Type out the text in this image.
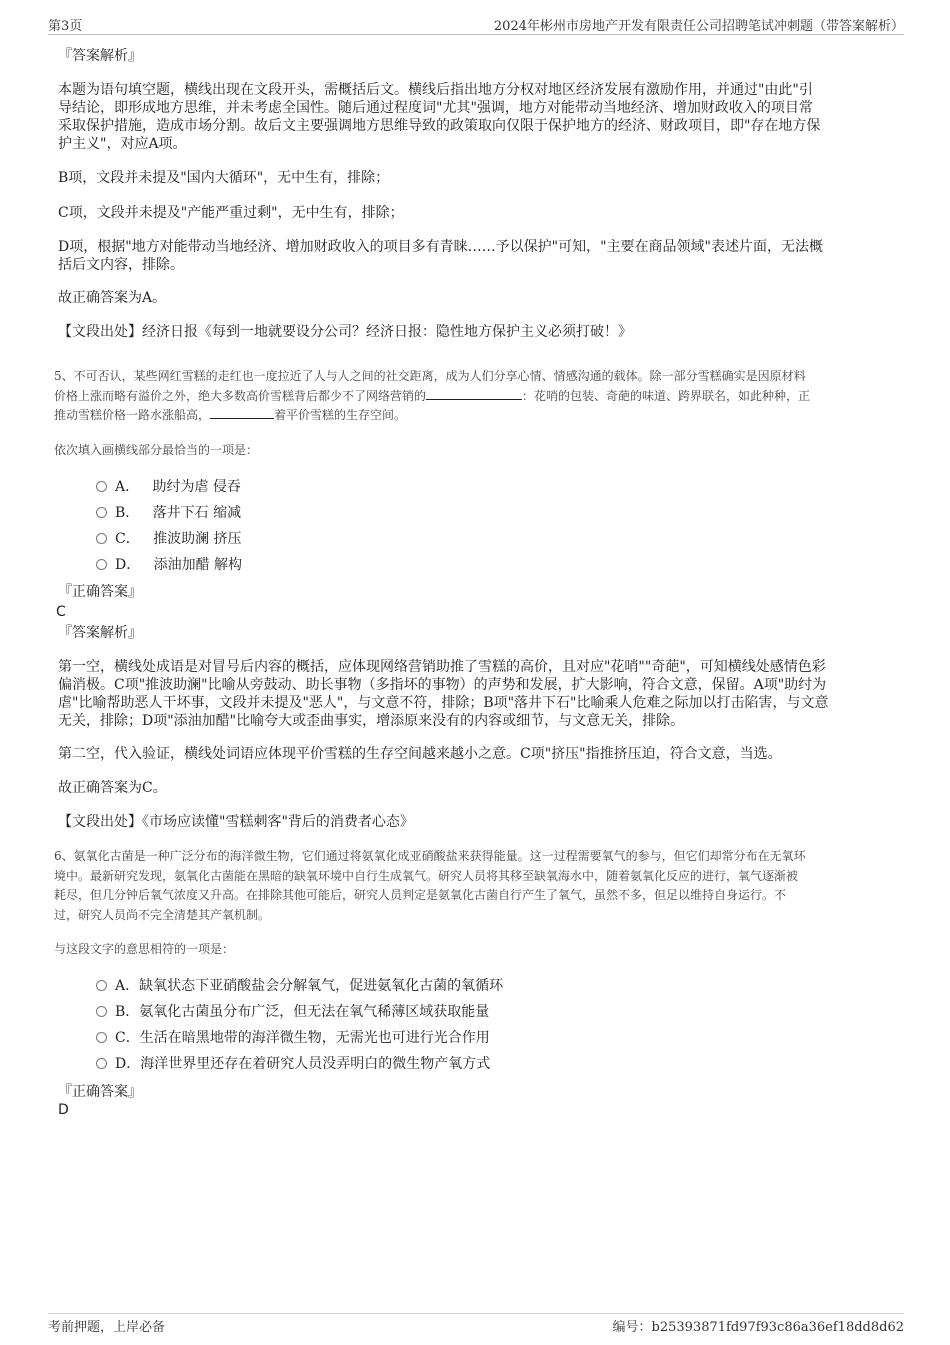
第3页	2024年彬州市房地产开发有限责任公司招聘笔试冲刺题（带答案解析）

『答案解析』

本题为语句填空题，横线出现在文段开头，需概括后文。横线后指出地方分权对地区经济发展有激励作用，并通过"由此"引

导结论，即形成地方思维，并未考虑全国性。随后通过程度词"尤其"强调，地方对能带动当地经济、增加财政收入的项目常

采取保护措施，造成市场分割。故后文主要强调地方思维导致的政策取向仅限于保护地方的经济、财政项目，即"存在地方保

护主义"，对应A项。

B项，文段并未提及"国内大循环"，无中生有，排除；

C项，文段并未提及"产能严重过剩"，无中生有，排除；

D项，根据"地方对能带动当地经济、增加财政收入的项目多有青睐……予以保护"可知，"主要在商品领域"表述片面，无法概

括后文内容，排除。

故正确答案为A。

【文段出处】经济日报《每到一地就要设分公司？经济日报：隐性地方保护主义必须打破！》

5、不可否认，某些网红雪糕的走红也一度拉近了人与人之间的社交距离，成为人们分享心情、情感沟通的载体。除一部分雪糕确实是因原材料

价格上涨而略有溢价之外，绝大多数高价雪糕背后都少不了网络营销的	：花哨的包装、奇葩的味道、跨界联名，如此种种，正

推动雪糕价格一路水涨船高，	着平价雪糕的生存空间。

依次填入画横线部分最恰当的一项是：

A． 助纣为虐 侵吞
B． 落井下石 缩减
C． 推波助澜 挤压
D． 添油加醋 解构

『正确答案』

C

『答案解析』

第一空，横线处成语是对冒号后内容的概括，应体现网络营销助推了雪糕的高价，且对应"花哨""奇葩"，可知横线处感情色彩

偏消极。C项"推波助澜"比喻从旁鼓动、助长事物（多指坏的事物）的声势和发展，扩大影响，符合文意，保留。A项"助纣为

虐"比喻帮助恶人干坏事，文段并未提及"恶人"，与文意不符，排除；B项"落井下石"比喻乘人危难之际加以打击陷害，与文意

无关，排除；D项"添油加醋"比喻夸大或歪曲事实，增添原来没有的内容或细节，与文意无关，排除。

第二空，代入验证，横线处词语应体现平价雪糕的生存空间越来越小之意。C项"挤压"指推挤压迫，符合文意，当选。

故正确答案为C。

【文段出处】《市场应读懂"雪糕刺客"背后的消费者心态》

6、氨氧化古菌是一种广泛分布的海洋微生物，它们通过将氨氧化成亚硝酸盐来获得能量。这一过程需要氧气的参与，但它们却常分布在无氧环

境中。最新研究发现，氨氧化古菌能在黑暗的缺氧环境中自行生成氧气。研究人员将其移至缺氧海水中，随着氨氧化反应的进行，氧气逐渐被

耗尽，但几分钟后氧气浓度又升高。在排除其他可能后，研究人员判定是氨氧化古菌自行产生了氧气，虽然不多，但足以维持自身运行。不

过，研究人员尚不完全清楚其产氧机制。

与这段文字的意思相符的一项是：

A．缺氧状态下亚硝酸盐会分解氧气，促进氨氧化古菌的氧循环
B．氨氧化古菌虽分布广泛，但无法在氧气稀薄区域获取能量
C．生活在暗黑地带的海洋微生物，无需光也可进行光合作用
D．海洋世界里还存在着研究人员没弄明白的微生物产氧方式

『正确答案』

D

考前押题，上岸必备	编号：b25393871fd97f93c86a36ef18dd8d62
